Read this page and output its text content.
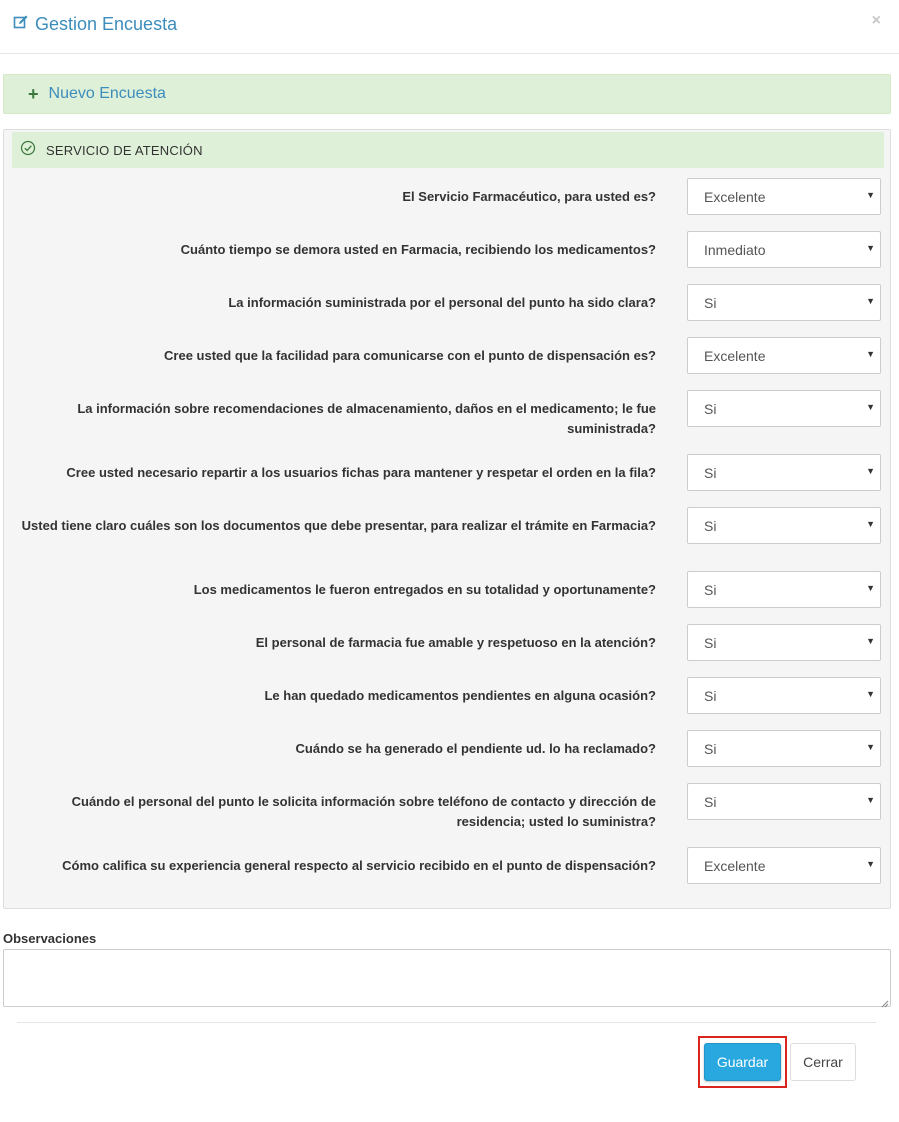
Gestion Encuesta	×
+ Nuevo Encuesta
SERVICIO DE ATENCIÓN
El Servicio Farmacéutico, para usted es?	Excelente	▼
Cuánto tiempo se demora usted en Farmacia, recibiendo los medicamentos?	Inmediato	▼
La información suministrada por el personal del punto ha sido clara?	Si	▼
Cree usted que la facilidad para comunicarse con el punto de dispensación es?	Excelente	▼
La información sobre recomendaciones de almacenamiento, daños en el medicamento; le fue suministrada?
Si	▼
Cree usted necesario repartir a los usuarios fichas para mantener y respetar el orden en la fila?	Si	▼
Usted tiene claro cuáles son los documentos que debe presentar, para realizar el trámite en Farmacia?	Si	▼
Los medicamentos le fueron entregados en su totalidad y oportunamente?	Si	▼
El personal de farmacia fue amable y respetuoso en la atención?	Si	▼
Le han quedado medicamentos pendientes en alguna ocasión?	Si	▼
Cuándo se ha generado el pendiente ud. lo ha reclamado?	Si	▼
Cuándo el personal del punto le solicita información sobre teléfono de contacto y dirección de residencia; usted lo suministra?
Si	▼
Cómo califica su experiencia general respecto al servicio recibido en el punto de dispensación?	Excelente	▼
Observaciones
Guardar	Cerrar
